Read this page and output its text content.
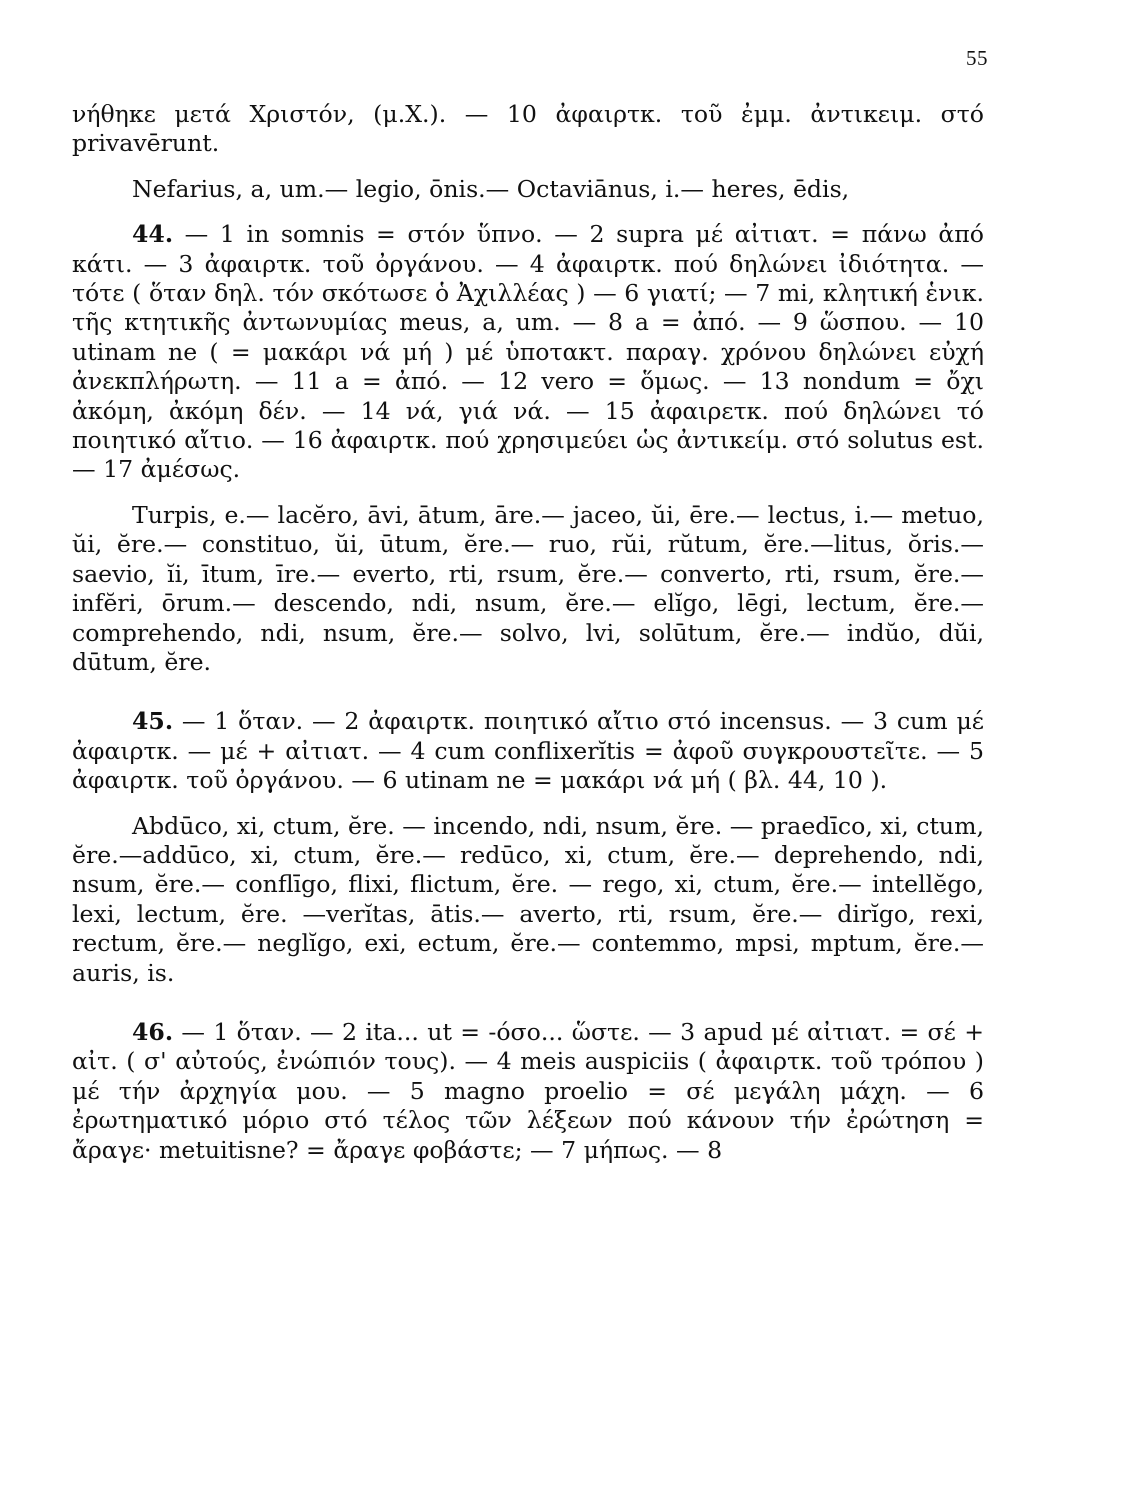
55

νήθηκε μετά Χριστόν, (μ.Χ.). — 10 ἀφαιρτκ. τοῦ ἐμμ. ἀντικειμ. στό privavērunt.

Nefarius, a, um.— legio, ōnis.— Octaviānus, i.— heres, ēdis,

44. — 1 in somnis = στόν ὕπνο. — 2 supra μέ αἰτιατ. = πάνω ἀπό κάτι. — 3 ἀφαιρτκ. τοῦ ὀργάνου. — 4 ἀφαιρτκ. πού δηλώνει ἰδιότητα. — τότε ( ὅταν δηλ. τόν σκότωσε ὁ Ἀχιλλέας ) — 6 γιατί; — 7 mi, κλητική ἑνικ. τῆς κτητικῆς ἀντωνυμίας meus, a, um. — 8 a = ἀπό. — 9 ὥσπου. — 10 utinam ne ( = μακάρι νά μή ) μέ ὑποτακτ. παραγ. χρόνου δηλώνει εὐχή ἀνεκπλήρωτη. — 11 a = ἀπό. — 12 vero = ὅμως. — 13 nondum = ὄχι ἀκόμη, ἀκόμη δέν. — 14 νά, γιά νά. — 15 ἀφαιρετκ. πού δηλώνει τό ποιητικό αἴτιο. — 16 ἀφαιρτκ. πού χρησιμεύει ὡς ἀντικείμ. στό solutus est. — 17 ἀμέσως.

Turpis, e.— lacĕro, āvi, ātum, āre.— jaceo, ŭi, ēre.— lectus, i.— metuo, ŭi, ĕre.— constituo, ŭi, ūtum, ĕre.— ruo, rŭi, rŭtum, ĕre.—litus, ŏris.— saevio, ĭi, ītum, īre.— everto, rti, rsum, ĕre.— converto, rti, rsum, ĕre.— infĕri, ōrum.— descendo, ndi, nsum, ĕre.— elĭgo, lēgi, lectum, ĕre.— comprehendo, ndi, nsum, ĕre.— solvo, lvi, solūtum, ĕre.— indŭo, dŭi, dūtum, ĕre.

45. — 1 ὅταν. — 2 ἀφαιρτκ. ποιητικό αἴτιο στό incensus. — 3 cum μέ ἀφαιρτκ. — μέ + αἰτιατ. — 4 cum conflixerĭtis = ἀφοῦ συγκρουστεῖτε. — 5 ἀφαιρτκ. τοῦ ὀργάνου. — 6 utinam ne = μακάρι νά μή ( βλ. 44, 10 ).

Abdūco, xi, ctum, ĕre. — incendo, ndi, nsum, ĕre. — praedīco, xi, ctum, ĕre.—addūco, xi, ctum, ĕre.— redūco, xi, ctum, ĕre.— deprehendo, ndi, nsum, ĕre.— conflīgo, flixi, flictum, ĕre. — rego, xi, ctum, ĕre.— intellĕgo, lexi, lectum, ĕre. —verĭtas, ātis.— averto, rti, rsum, ĕre.— dirĭgo, rexi, rectum, ĕre.— neglĭgo, exi, ectum, ĕre.— contemmo, mpsi, mptum, ĕre.—auris, is.

46. — 1 ὅταν. — 2 ita... ut = -όσο... ὥστε. — 3 apud μέ αἰτιατ. = σέ + αἰτ. ( σ' αὐτούς, ἐνώπιόν τους). — 4 meis auspiciis ( ἀφαιρτκ. τοῦ τρόπου ) μέ τήν ἀρχηγία μου. — 5 magno proelio = σέ μεγάλη μάχη. — 6 ἐρωτηματικό μόριο στό τέλος τῶν λέξεων πού κάνουν τήν ἐρώτηση = ἄραγε· metuitisne? = ἄραγε φοβάστε; — 7 μήπως. — 8
